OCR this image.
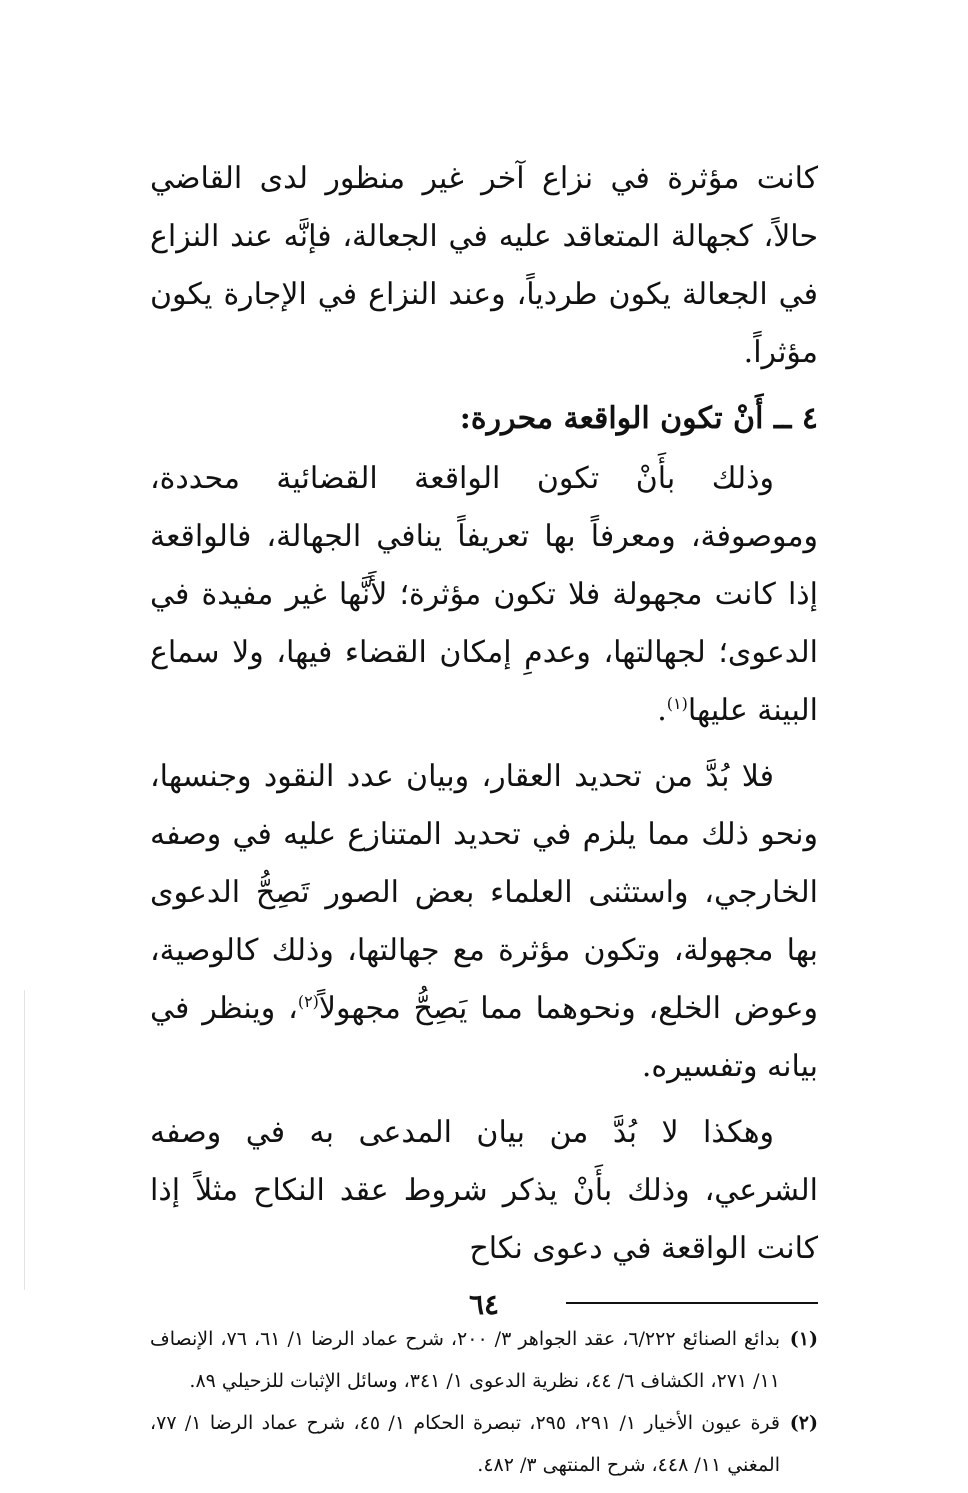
كانت مؤثرة في نزاع آخر غير منظور لدى القاضي حالاً، كجهالة المتعاقد عليه في الجعالة، فإنَّه عند النزاع في الجعالة يكون طردياً، وعند النزاع في الإجارة يكون مؤثراً.

٤ ــ أَنْ تكون الواقعة محررة:

وذلك بأَنْ تكون الواقعة القضائية محددة، وموصوفة، ومعرفاً بها تعريفاً ينافي الجهالة، فالواقعة إذا كانت مجهولة فلا تكون مؤثرة؛ لأَنَّها غير مفيدة في الدعوى؛ لجهالتها، وعدمِ إمكان القضاء فيها، ولا سماع البينة عليها$^{(١)}$.

فلا بُدَّ من تحديد العقار، وبيان عدد النقود وجنسها، ونحو ذلك مما يلزم في تحديد المتنازع عليه في وصفه الخارجي، واستثنى العلماء بعض الصور تَصِحُّ الدعوى بها مجهولة، وتكون مؤثرة مع جهالتها، وذلك كالوصية، وعوض الخلع، ونحوهما مما يَصِحُّ مجهولاً$^{(٢)}$، وينظر في بيانه وتفسيره.

وهكذا لا بُدَّ من بيان المدعى به في وصفه الشرعي، وذلك بأَنْ يذكر شروط عقد النكاح مثلاً إذا كانت الواقعة في دعوى نكاح

(١)
بدائع الصنائع ٦/٢٢٢، عقد الجواهر ٣/ ٢٠٠، شرح عماد الرضا ١/ ٦١، ٧٦، الإنصاف ١١/ ٢٧١، الكشاف ٦/ ٤٤، نظرية الدعوى ١/ ٣٤١، وسائل الإثبات للزحيلي ٨٩.
(٢)
قرة عيون الأخيار ١/ ٢٩١، ٢٩٥، تبصرة الحكام ١/ ٤٥، شرح عماد الرضا ١/ ٧٧، المغني ١١/ ٤٤٨، شرح المنتهى ٣/ ٤٨٢.
٦٤
